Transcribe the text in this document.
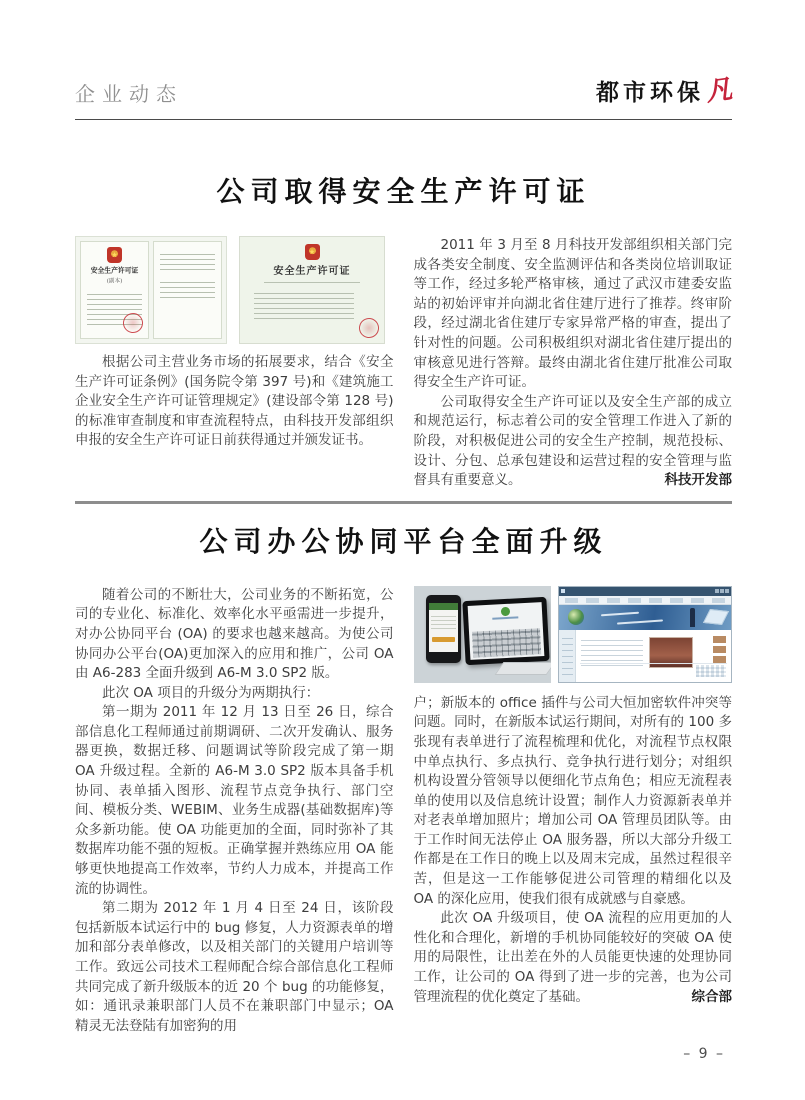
企业动态	都市环保 凡
公司取得安全生产许可证
★
安全生产许可证
(副本)
★
安全生产许可证

根据公司主营业务市场的拓展要求，结合《安全生产许可证条例》(国务院令第 397 号)和《建筑施工企业安全生产许可证管理规定》(建设部令第 128 号)的标准审查制度和审查流程特点，由科技开发部组织申报的安全生产许可证日前获得通过并颁发证书。

2011 年 3 月至 8 月科技开发部组织相关部门完成各类安全制度、安全监测评估和各类岗位培训取证等工作，经过多轮严格审核，通过了武汉市建委安监站的初始评审并向湖北省住建厅进行了推荐。终审阶段，经过湖北省住建厅专家异常严格的审查，提出了针对性的问题。公司积极组织对湖北省住建厅提出的审核意见进行答辩。最终由湖北省住建厅批准公司取得安全生产许可证。

公司取得安全生产许可证以及安全生产部的成立和规范运行，标志着公司的安全管理工作进入了新的阶段，对积极促进公司的安全生产控制，规范投标、设计、分包、总承包建设和运营过程的安全管理与监督具有重要意义。	科技开发部

公司办公协同平台全面升级

随着公司的不断壮大，公司业务的不断拓宽，公司的专业化、标准化、效率化水平亟需进一步提升，对办公协同平台 (OA) 的要求也越来越高。为使公司协同办公平台(OA)更加深入的应用和推广，公司 OA 由 A6-283 全面升级到 A6-M 3.0 SP2 版。

此次 OA 项目的升级分为两期执行：

第一期为 2011 年 12 月 13 日至 26 日，综合部信息化工程师通过前期调研、二次开发确认、服务器更换，数据迁移、问题调试等阶段完成了第一期 OA 升级过程。全新的 A6-M 3.0 SP2 版本具备手机协同、表单插入图形、流程节点竞争执行、部门空间、模板分类、WEBIM、业务生成器(基础数据库)等众多新功能。使 OA 功能更加的全面，同时弥补了其数据库功能不强的短板。正确掌握并熟练应用 OA 能够更快地提高工作效率，节约人力成本，并提高工作流的协调性。

第二期为 2012 年 1 月 4 日至 24 日，该阶段包括新版本试运行中的 bug 修复，人力资源表单的增加和部分表单修改，以及相关部门的关键用户培训等工作。致远公司技术工程师配合综合部信息化工程师共同完成了新升级版本的近 20 个 bug 的功能修复，如：通讯录兼职部门人员不在兼职部门中显示；OA 精灵无法登陆有加密狗的用

户；新版本的 office 插件与公司大恒加密软件冲突等问题。同时，在新版本试运行期间，对所有的 100 多张现有表单进行了流程梳理和优化，对流程节点权限中单点执行、多点执行、竞争执行进行划分；对组织机构设置分管领导以便细化节点角色；相应无流程表单的使用以及信息统计设置；制作人力资源新表单并对老表单增加照片；增加公司 OA 管理员团队等。由于工作时间无法停止 OA 服务器，所以大部分升级工作都是在工作日的晚上以及周末完成，虽然过程很辛苦，但是这一工作能够促进公司管理的精细化以及 OA 的深化应用，使我们很有成就感与自豪感。

此次 OA 升级项目，使 OA 流程的应用更加的人性化和合理化，新增的手机协同能较好的突破 OA 使用的局限性，让出差在外的人员能更快速的处理协同工作，让公司的 OA 得到了进一步的完善，也为公司管理流程的优化奠定了基础。	综合部

– 9 –
